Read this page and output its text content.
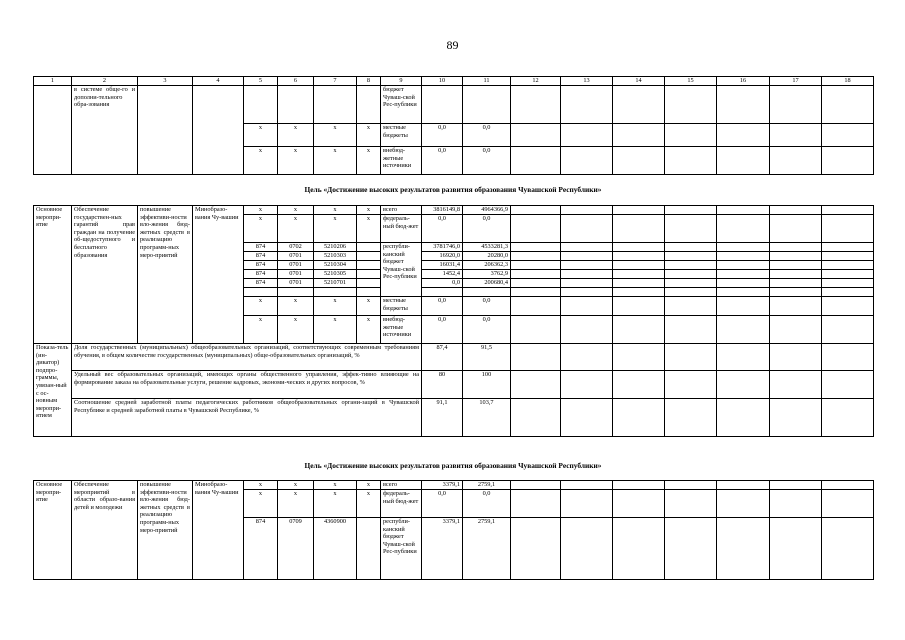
89
1	2	3	4	5	6	7	8	9	10	11	12	13	14	15	16	17	18
	в системе обще-го и дополни-тельного обра-зования							бюджет Чуваш-ской Рес-публики									
				х	х	х	х	местные бюджеты	0,0	0,0							
				х	х	х	х	внебюд-жетные источники	0,0	0,0							
Цель «Достижение высоких результатов развития образования Чувашской Республики»
Основное меропри-ятие	Обеспечение государствен-ных гарантий прав граждан на получение об-щедоступного и бесплатного образования	повышение эффективи-ности вло-жения бюд-жетных средств в реализацию программ-ных меро-приятий	Минобразо-вания Чу-вашии	х	х	х	х	всего	3816149,8	4964366,9							
				х	х	х	х	федераль-ный бюд-жет	0,0	0,0							
				874	0702	5210206		республи-канский бюджет Чуваш-ской Рес-публики	3781746,0	4533281,3							
				874	0701	5210303			16920,0	20280,0							
				874	0701	5210304			16031,4	206362,3							
				874	0701	5210305			1452,4	3762,9							
				874	0701	5210701			0,0	200680,4							

				х	х	х	х	местные бюджеты	0,0	0,0							
				х	х	х	х	внебюд-жетные источники	0,0	0,0							
Показа-тель (ин-дикатор) подпро-граммы, увязан-ный с ос-новным меропри-ятием	Доля государственных (муниципальных) общеобразовательных организаций, соответствующих современным требованиям обучения, в общем количестве государственных (муниципальных) обще-образовательных организаций, %								87,4	91,5							
	Удельный вес образовательных организаций, имеющих органы общественного управления, эффек-тивно влияющие на формирование заказа на образовательные услуги, решение кадровых, экономи-ческих и других вопросов, %								80	100							
	Соотношение средней заработной платы педагогических работников общеобразовательных органи-заций в Чувашской Республике и средней заработной платы в Чувашской Республике, %								91,1	103,7							
Цель «Достижение высоких результатов развития образования Чувашской Республики»
Основное меропри-ятие	Обеспечение мероприятий в области образо-вания детей и молодежи	повышение эффективи-ности вло-жения бюд-жетных средств в реализацию программ-ных меро-приятий	Минобразо-вания Чу-вашии	х	х	х	х	всего	3379,1	2759,1							
				х	х	х	х	федераль-ный бюд-жет	0,0	0,0							
				874	0709	4360900		республи-канский бюджет Чуваш-ской Рес-публики	3379,1	2759,1							
